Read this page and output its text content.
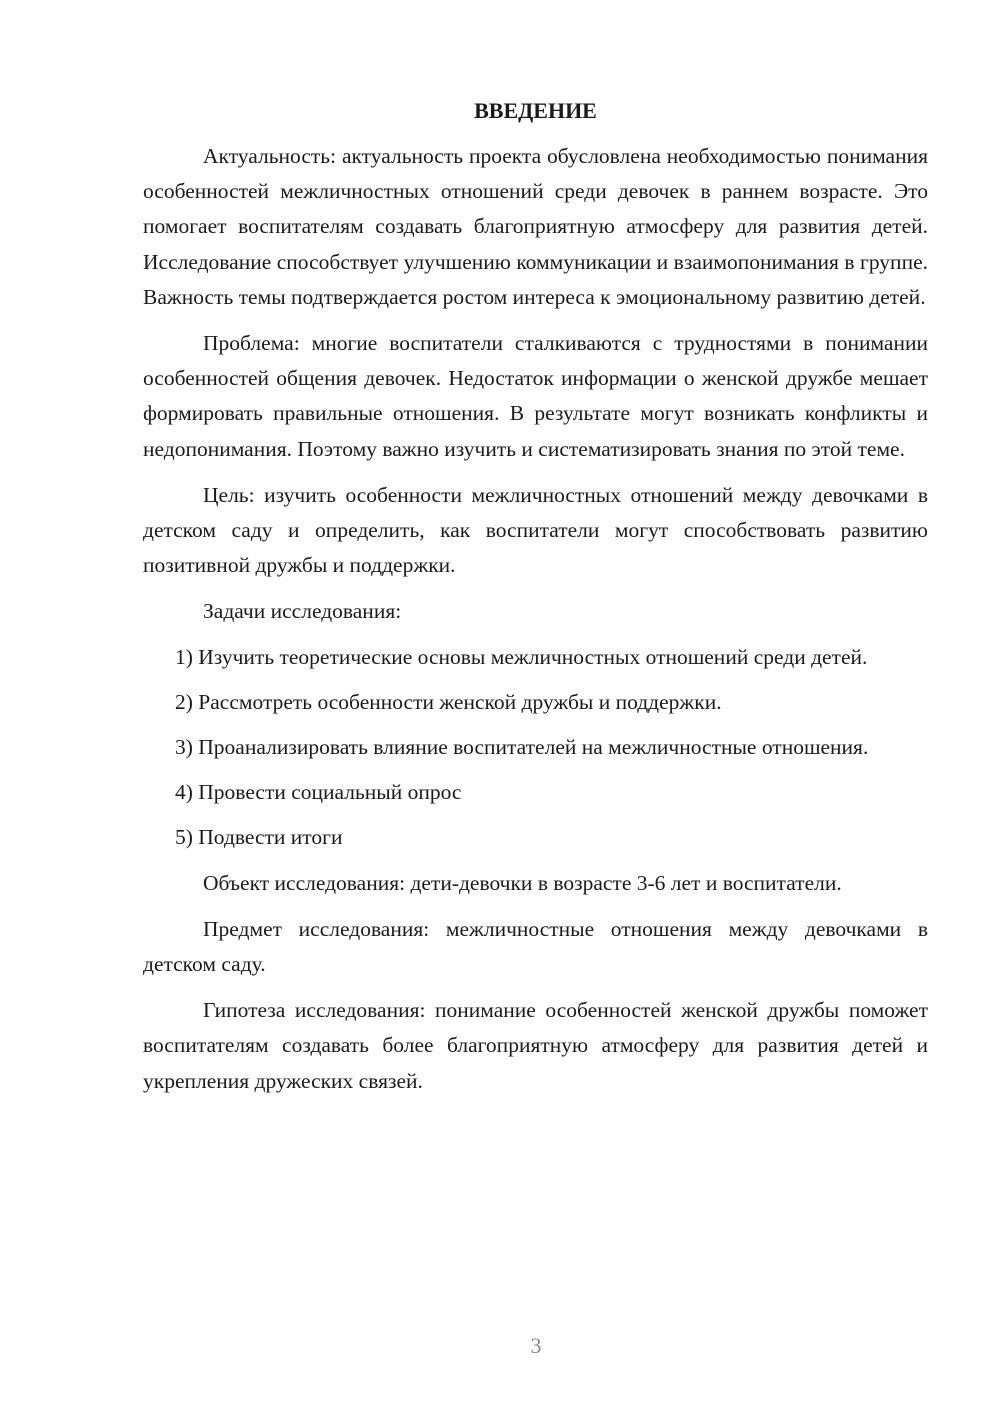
ВВЕДЕНИЕ

Актуальность: актуальность проекта обусловлена необходимостью понимания особенностей межличностных отношений среди девочек в раннем возрасте. Это помогает воспитателям создавать благоприятную атмосферу для развития детей. Исследование способствует улучшению коммуникации и взаимопонимания в группе. Важность темы подтверждается ростом интереса к эмоциональному развитию детей.

Проблема: многие воспитатели сталкиваются с трудностями в понимании особенностей общения девочек. Недостаток информации о женской дружбе мешает формировать правильные отношения. В результате могут возникать конфликты и недопонимания. Поэтому важно изучить и систематизировать знания по этой теме.

Цель: изучить особенности межличностных отношений между девочками в детском саду и определить, как воспитатели могут способствовать развитию позитивной дружбы и поддержки.

Задачи исследования:

1) Изучить теоретические основы межличностных отношений среди детей.

2) Рассмотреть особенности женской дружбы и поддержки.

3) Проанализировать влияние воспитателей на межличностные отношения.

4) Провести социальный опрос

5) Подвести итоги

Объект исследования: дети-девочки в возрасте 3-6 лет и воспитатели.

Предмет исследования: межличностные отношения между девочками в детском саду.

Гипотеза исследования: понимание особенностей женской дружбы поможет воспитателям создавать более благоприятную атмосферу для развития детей и укрепления дружеских связей.

3
